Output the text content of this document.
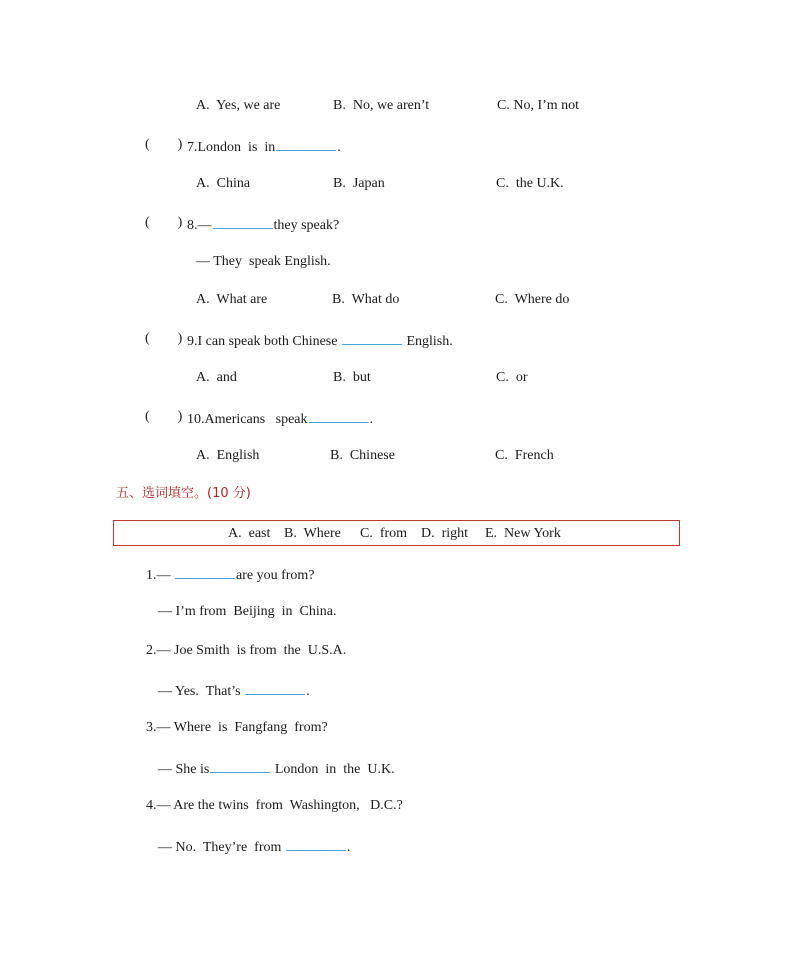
A.  Yes, we are	B.  No, we aren’t	C. No, I’m not
(        ) 7.London  is  in	.
A.  China	B.  Japan	C.  the U.K.
(        ) 8.—	they speak?
— They  speak English.
A.  What are	B.  What do	C.  Where do
(        ) 9.I can speak both Chinese	English.
A.  and	B.  but	C.  or
(        ) 10.Americans   speak	.
A.  English	B.  Chinese	C.  French
五、选词填空。(10 分)
A.  east B.  Where C.  from D.  right E.  New York
1.—	are you from?
— I’m from  Beijing  in  China.
2.— Joe Smith  is from  the  U.S.A.
— Yes.  That’s	.
3.— Where  is  Fangfang  from?
— She is	London  in  the  U.K.
4.— Are the twins  from  Washington,   D.C.?
— No.  They’re  from	.
